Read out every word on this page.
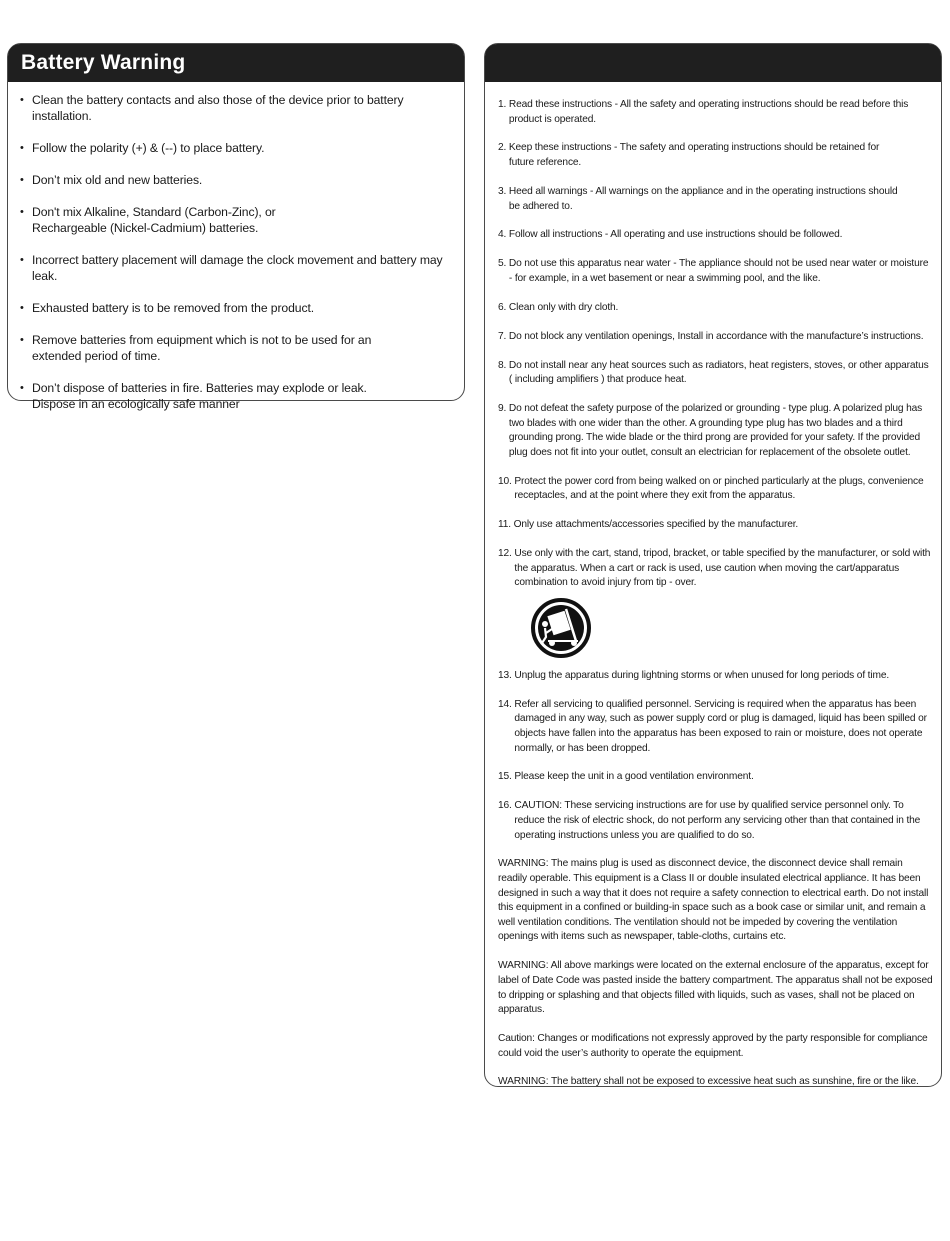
Battery Warning
• Clean the battery contacts and also those of the device prior to battery installation.
• Follow the polarity (+) & (--) to place battery.
• Don’t mix old and new batteries.
• Don't mix Alkaline, Standard (Carbon-Zinc), or Rechargeable (Nickel-Cadmium) batteries.
• Incorrect battery placement will damage the clock movement and battery may leak.
• Exhausted battery is to be removed from the product.
• Remove batteries from equipment which is not to be used for an extended period of time.
• Don’t dispose of batteries in fire. Batteries may explode or leak. Dispose in an ecologically safe manner
1. Read these instructions - All the safety and operating instructions should be read before this product is operated.
2. Keep these instructions - The safety and operating instructions should be retained for future reference.
3. Heed all warnings - All warnings on the appliance and in the operating instructions should be adhered to.
4. Follow all instructions - All operating and use instructions should be followed.
5. Do not use this apparatus near water - The appliance should not be used near water or moisture - for example, in a wet basement or near a swimming pool, and the like.
6. Clean only with dry cloth.
7. Do not block any ventilation openings, Install in accordance with the manufacture’s instructions.
8. Do not install near any heat sources such as radiators, heat registers, stoves, or other apparatus ( including amplifiers ) that produce heat.
9. Do not defeat the safety purpose of the polarized or grounding - type plug. A polarized plug has two blades with one wider than the other. A grounding type plug has two blades and a third grounding prong. The wide blade or the third prong are provided for your safety. If the provided plug does not fit into your outlet, consult an electrician for replacement of the obsolete outlet.
10. Protect the power cord from being walked on or pinched particularly at the plugs, convenience receptacles, and at the point where they exit from the apparatus.
11. Only use attachments/accessories specified by the manufacturer.
12. Use only with the cart, stand, tripod, bracket, or table specified by the manufacturer, or sold with the apparatus. When a cart or rack is used, use caution when moving the cart/apparatus combination to avoid injury from tip - over.
13. Unplug the apparatus during lightning storms or when unused for long periods of time.
14. Refer all servicing to qualified personnel. Servicing is required when the apparatus has been damaged in any way, such as power supply cord or plug is damaged, liquid has been spilled or objects have fallen into the apparatus has been exposed to rain or moisture, does not operate normally, or has been dropped.
15. Please keep the unit in a good ventilation environment.
16. CAUTION: These servicing instructions are for use by qualified service personnel only. To reduce the risk of electric shock, do not perform any servicing other than that contained in the operating instructions unless you are qualified to do so.

WARNING: The mains plug is used as disconnect device, the disconnect device shall remain readily operable. This equipment is a Class II or double insulated electrical appliance. It has been designed in such a way that it does not require a safety connection to electrical earth. Do not install this equipment in a confined or building-in space such as a book case or similar unit, and remain a well ventilation conditions. The ventilation should not be impeded by covering the ventilation openings with items such as newspaper, table-cloths, curtains etc.

WARNING: All above markings were located on the external enclosure of the apparatus, except for label of Date Code was pasted inside the battery compartment. The apparatus shall not be exposed to dripping or splashing and that objects filled with liquids, such as vases, shall not be placed on apparatus.

Caution: Changes or modifications not expressly approved by the party responsible for compliance could void the user’s authority to operate the equipment.

WARNING: The battery shall not be exposed to excessive heat such as sunshine, fire or the like.
